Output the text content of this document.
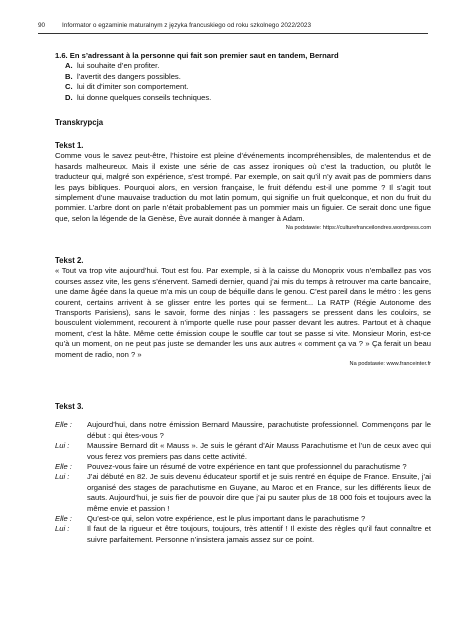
90	Informator o egzaminie maturalnym z języka francuskiego od roku szkolnego 2022/2023
1.6. En s’adressant à la personne qui fait son premier saut en tandem, Bernard
A. lui souhaite d’en profiter.
B. l’avertit des dangers possibles.
C. lui dit d’imiter son comportement.
D. lui donne quelques conseils techniques.
Transkrypcja
Tekst 1.
Comme vous le savez peut-être, l’histoire est pleine d’événements incompréhensibles, de malentendus et de hasards malheureux. Mais il existe une série de cas assez ironiques où c’est la traduction, ou plutôt le traducteur qui, malgré son expérience, s’est trompé. Par exemple, on sait qu’il n’y avait pas de pommiers dans les pays bibliques. Pourquoi alors, en version française, le fruit défendu est-il une pomme ? Il s’agit tout simplement d’une mauvaise traduction du mot latin pomum, qui signifie un fruit quelconque, et non du fruit du pommier. L’arbre dont on parle n’était probablement pas un pommier mais un figuier. Ce serait donc une figue que, selon la légende de la Genèse, Ève aurait donnée à manger à Adam.
Na podstawie: https://culturefranceilondres.wordpress.com
Tekst 2.
« Tout va trop vite aujourd’hui. Tout est fou. Par exemple, si à la caisse du Monoprix vous n’emballez pas vos courses assez vite, les gens s’énervent. Samedi dernier, quand j’ai mis du temps à retrouver ma carte bancaire, une dame âgée dans la queue m’a mis un coup de béquille dans le genou. C’est pareil dans le métro : les gens courent, certains arrivent à se glisser entre les portes qui se ferment... La RATP (Régie Autonome des Transports Parisiens), sans le savoir, forme des ninjas : les passagers se pressent dans les couloirs, se bousculent violemment, recourent à n’importe quelle ruse pour passer devant les autres. Partout et à chaque moment, c’est la hâte. Même cette émission coupe le souffle car tout se passe si vite. Monsieur Morin, est-ce qu’à un moment, on ne peut pas juste se demander les uns aux autres « comment ça va ? » Ça ferait un beau moment de radio, non ? »
Na podstawie: www.franceinter.fr
Tekst 3.
Elle : Aujourd’hui, dans notre émission Bernard Maussire, parachutiste professionnel. Commençons par le début : qui êtes-vous ?
Lui : Maussire Bernard dit « Mauss ». Je suis le gérant d’Air Mauss Parachutisme et l’un de ceux avec qui vous ferez vos premiers pas dans cette activité.
Elle : Pouvez-vous faire un résumé de votre expérience en tant que professionnel du parachutisme ?
Lui : J’ai débuté en 82. Je suis devenu éducateur sportif et je suis rentré en équipe de France. Ensuite, j’ai organisé des stages de parachutisme en Guyane, au Maroc et en France, sur les différents lieux de sauts. Aujourd’hui, je suis fier de pouvoir dire que j’ai pu sauter plus de 18 000 fois et toujours avec la même envie et passion !
Elle : Qu’est-ce qui, selon votre expérience, est le plus important dans le parachutisme ?
Lui : Il faut de la rigueur et être toujours, toujours, très attentif ! Il existe des règles qu’il faut connaître et suivre parfaitement. Personne n’insistera jamais assez sur ce point.
